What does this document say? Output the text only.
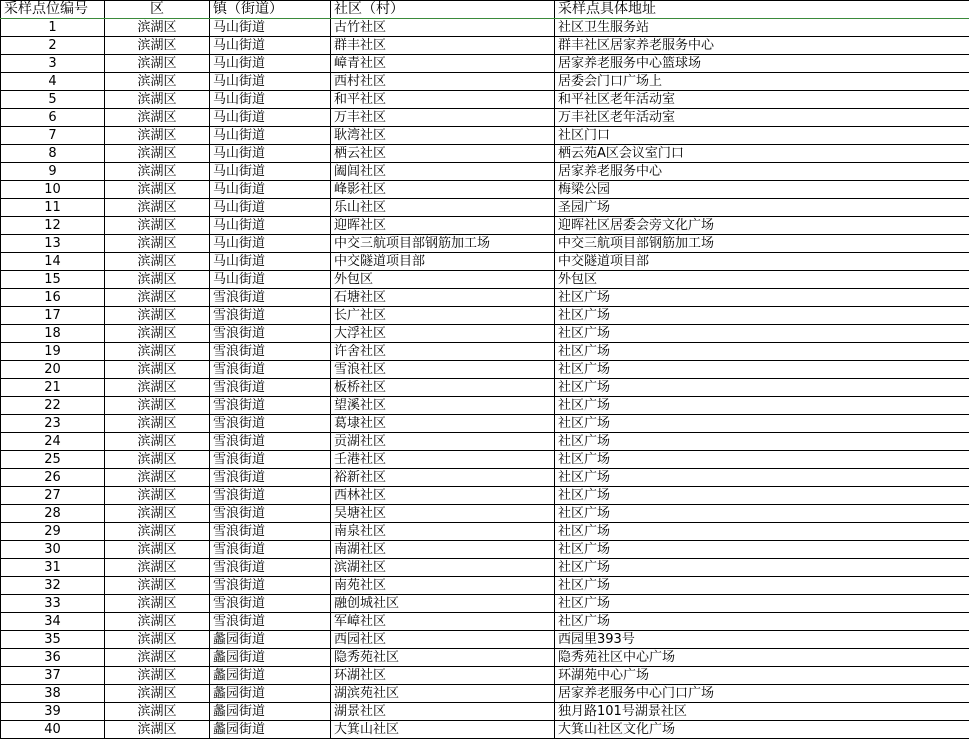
采样点位编号	区	镇（街道）	社区（村）	采样点具体地址
1	滨湖区	马山街道	古竹社区	社区卫生服务站
2	滨湖区	马山街道	群丰社区	群丰社区居家养老服务中心
3	滨湖区	马山街道	嶂青社区	居家养老服务中心篮球场
4	滨湖区	马山街道	西村社区	居委会门口广场上
5	滨湖区	马山街道	和平社区	和平社区老年活动室
6	滨湖区	马山街道	万丰社区	万丰社区老年活动室
7	滨湖区	马山街道	耿湾社区	社区门口
8	滨湖区	马山街道	栖云社区	栖云苑A区会议室门口
9	滨湖区	马山街道	阖闾社区	居家养老服务中心
10	滨湖区	马山街道	峰影社区	梅梁公园
11	滨湖区	马山街道	乐山社区	圣园广场
12	滨湖区	马山街道	迎晖社区	迎晖社区居委会旁文化广场
13	滨湖区	马山街道	中交三航项目部钢筋加工场	中交三航项目部钢筋加工场
14	滨湖区	马山街道	中交隧道项目部	中交隧道项目部
15	滨湖区	马山街道	外包区	外包区
16	滨湖区	雪浪街道	石塘社区	社区广场
17	滨湖区	雪浪街道	长广社区	社区广场
18	滨湖区	雪浪街道	大浮社区	社区广场
19	滨湖区	雪浪街道	许舍社区	社区广场
20	滨湖区	雪浪街道	雪浪社区	社区广场
21	滨湖区	雪浪街道	板桥社区	社区广场
22	滨湖区	雪浪街道	望溪社区	社区广场
23	滨湖区	雪浪街道	葛埭社区	社区广场
24	滨湖区	雪浪街道	贡湖社区	社区广场
25	滨湖区	雪浪街道	壬港社区	社区广场
26	滨湖区	雪浪街道	裕新社区	社区广场
27	滨湖区	雪浪街道	西林社区	社区广场
28	滨湖区	雪浪街道	吴塘社区	社区广场
29	滨湖区	雪浪街道	南泉社区	社区广场
30	滨湖区	雪浪街道	南湖社区	社区广场
31	滨湖区	雪浪街道	滨湖社区	社区广场
32	滨湖区	雪浪街道	南苑社区	社区广场
33	滨湖区	雪浪街道	融创城社区	社区广场
34	滨湖区	雪浪街道	军嶂社区	社区广场
35	滨湖区	蠡园街道	西园社区	西园里393号
36	滨湖区	蠡园街道	隐秀苑社区	隐秀苑社区中心广场
37	滨湖区	蠡园街道	环湖社区	环湖苑中心广场
38	滨湖区	蠡园街道	湖滨苑社区	居家养老服务中心门口广场
39	滨湖区	蠡园街道	湖景社区	独月路101号湖景社区
40	滨湖区	蠡园街道	大箕山社区	大箕山社区文化广场
